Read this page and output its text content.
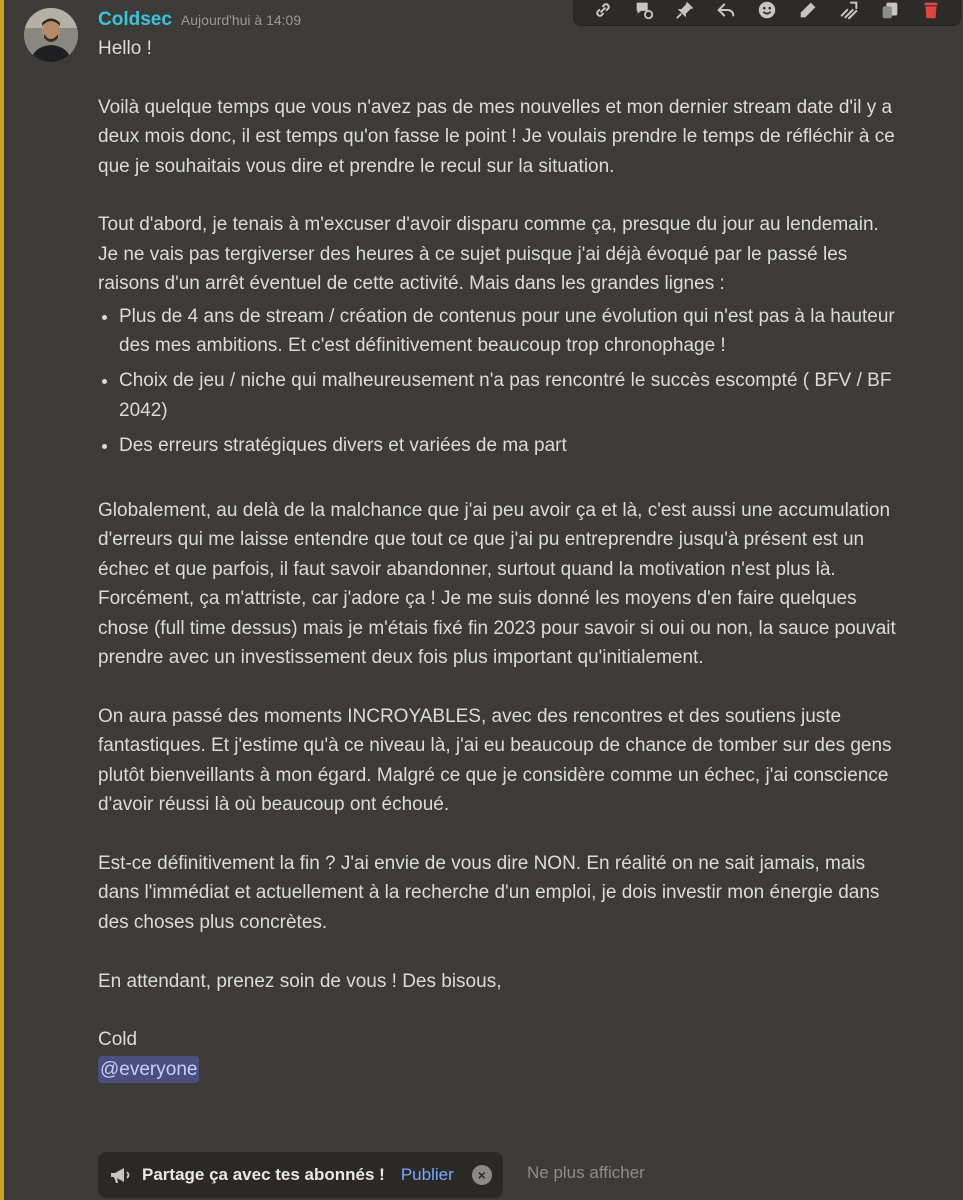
Coldsec Aujourd'hui à 14:09

Hello !

Voilà quelque temps que vous n'avez pas de mes nouvelles et mon dernier stream date d'il y a deux mois donc, il est temps qu'on fasse le point ! Je voulais prendre le temps de réfléchir à ce que je souhaitais vous dire et prendre le recul sur la situation.

Tout d'abord, je tenais à m'excuser d'avoir disparu comme ça, presque du jour au lendemain. Je ne vais pas tergiverser des heures à ce sujet puisque j'ai déjà évoqué par le passé les raisons d'un arrêt éventuel de cette activité. Mais dans les grandes lignes :

• Plus de 4 ans de stream / création de contenus pour une évolution qui n'est pas à la hauteur des mes ambitions. Et c'est définitivement beaucoup trop chronophage !
• Choix de jeu / niche qui malheureusement n'a pas rencontré le succès escompté ( BFV / BF 2042)
• Des erreurs stratégiques divers et variées de ma part

Globalement, au delà de la malchance que j'ai peu avoir ça et là, c'est aussi une accumulation d'erreurs qui me laisse entendre que tout ce que j'ai pu entreprendre jusqu'à présent est un échec et que parfois, il faut savoir abandonner, surtout quand la motivation n'est plus là.

Forcément, ça m'attriste, car j'adore ça ! Je me suis donné les moyens d'en faire quelques chose (full time dessus) mais je m'étais fixé fin 2023 pour savoir si oui ou non, la sauce pouvait prendre avec un investissement deux fois plus important qu'initialement.

On aura passé des moments INCROYABLES, avec des rencontres et des soutiens juste fantastiques. Et j'estime qu'à ce niveau là, j'ai eu beaucoup de chance de tomber sur des gens plutôt bienveillants à mon égard. Malgré ce que je considère comme un échec, j'ai conscience d'avoir réussi là où beaucoup ont échoué.

Est-ce définitivement la fin ? J'ai envie de vous dire NON. En réalité on ne sait jamais, mais dans l'immédiat et actuellement à la recherche d'un emploi, je dois investir mon énergie dans des choses plus concrètes.

En attendant, prenez soin de vous ! Des bisous,

Cold

@everyone

Partage ça avec tes abonnés ! Publier	×	Ne plus afficher
